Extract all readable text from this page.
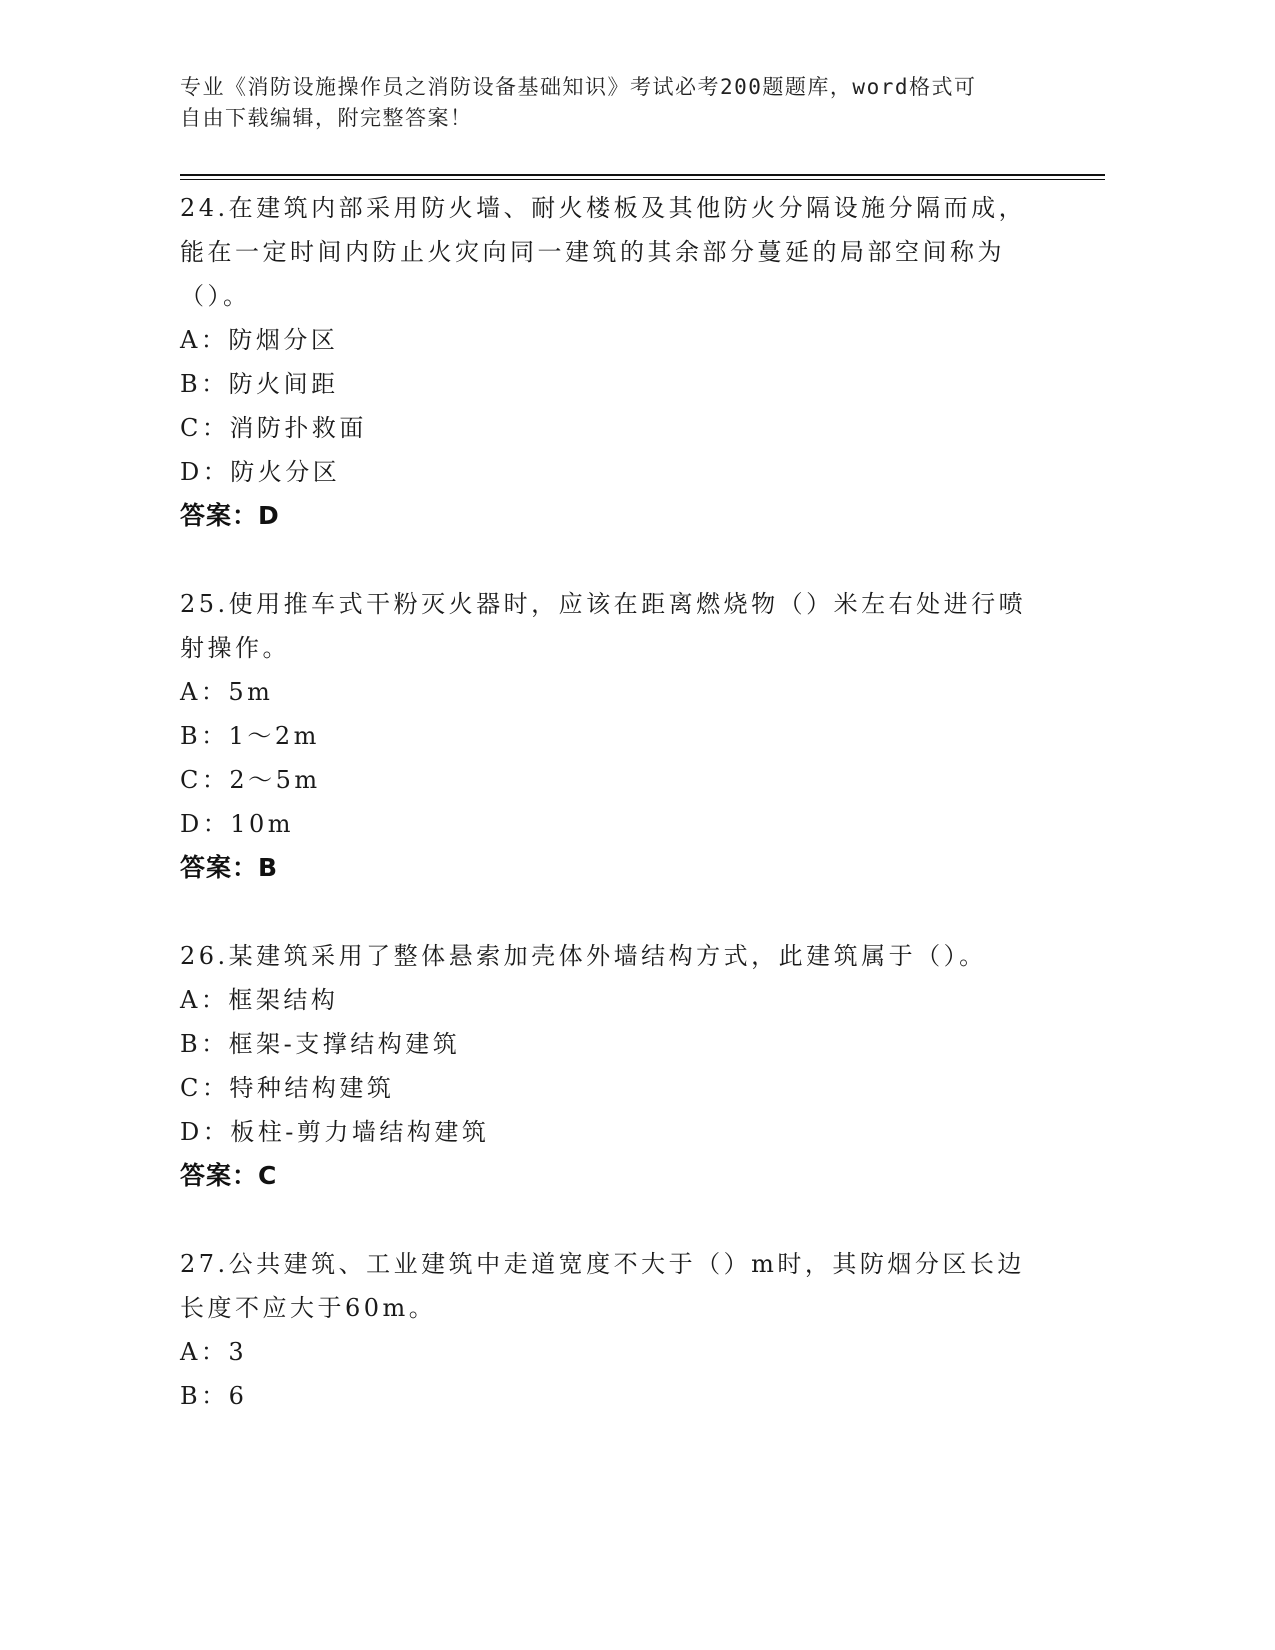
专业《消防设施操作员之消防设备基础知识》考试必考200题题库，word格式可
自由下载编辑，附完整答案！
24.在建筑内部采用防火墙、耐火楼板及其他防火分隔设施分隔而成，
能在一定时间内防止火灾向同一建筑的其余部分蔓延的局部空间称为
（）。
A：防烟分区
B：防火间距
C：消防扑救面
D：防火分区
答案：D
25.使用推车式干粉灭火器时，应该在距离燃烧物（）米左右处进行喷
射操作。
A：5m
B：1～2m
C：2～5m
D：10m
答案：B
26.某建筑采用了整体悬索加壳体外墙结构方式，此建筑属于（）。
A：框架结构
B：框架-支撑结构建筑
C：特种结构建筑
D：板柱-剪力墙结构建筑
答案：C
27.公共建筑、工业建筑中走道宽度不大于（）m时，其防烟分区长边
长度不应大于60m。
A：3
B：6
